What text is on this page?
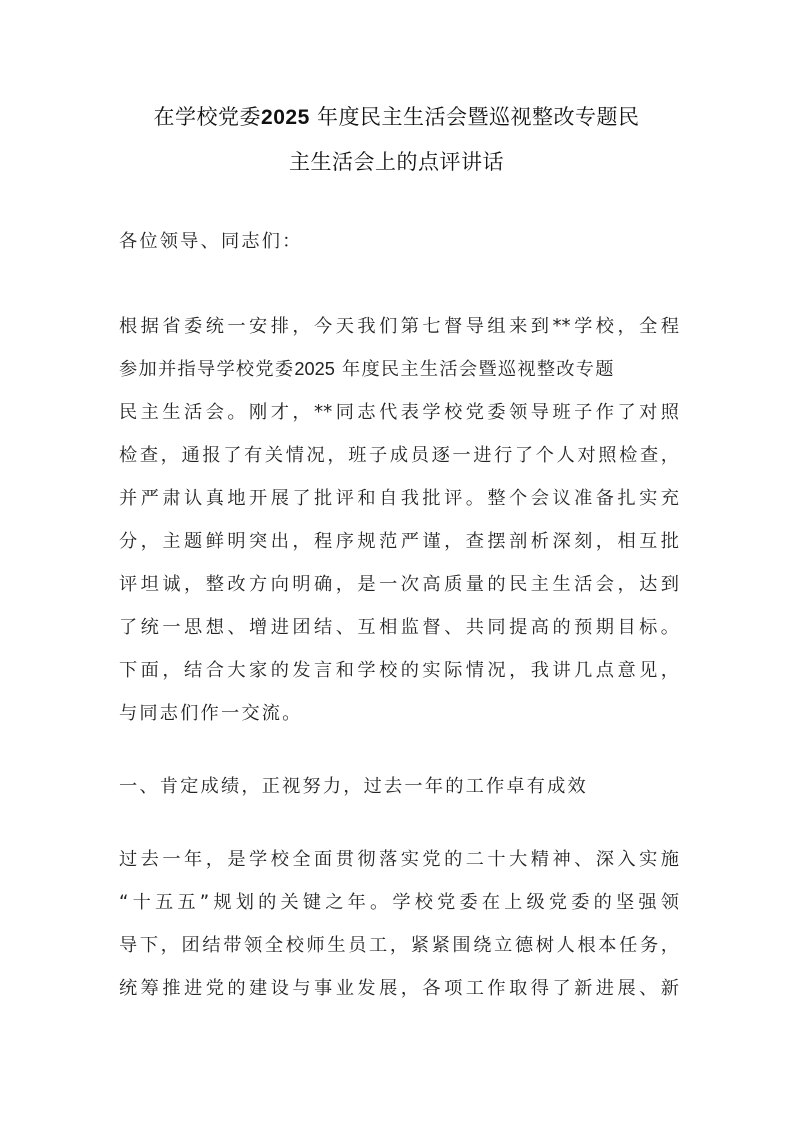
在学校党委2025 年度民主生活会暨巡视整改专题民
主生活会上的点评讲话
各位领导、同志们：
根据省委统一安排，今天我们第七督导组来到**学校，全程
参加并指导学校党委2025 年度民主生活会暨巡视整改专题
民主生活会。刚才，**同志代表学校党委领导班子作了对照
检查，通报了有关情况，班子成员逐一进行了个人对照检查，
并严肃认真地开展了批评和自我批评。整个会议准备扎实充
分，主题鲜明突出，程序规范严谨，查摆剖析深刻，相互批
评坦诚，整改方向明确，是一次高质量的民主生活会，达到
了统一思想、增进团结、互相监督、共同提高的预期目标。
下面，结合大家的发言和学校的实际情况，我讲几点意见，
与同志们作一交流。
一、肯定成绩，正视努力，过去一年的工作卓有成效
过去一年，是学校全面贯彻落实党的二十大精神、深入实施
“十五五”规划的关键之年。学校党委在上级党委的坚强领
导下，团结带领全校师生员工，紧紧围绕立德树人根本任务，
统筹推进党的建设与事业发展，各项工作取得了新进展、新
